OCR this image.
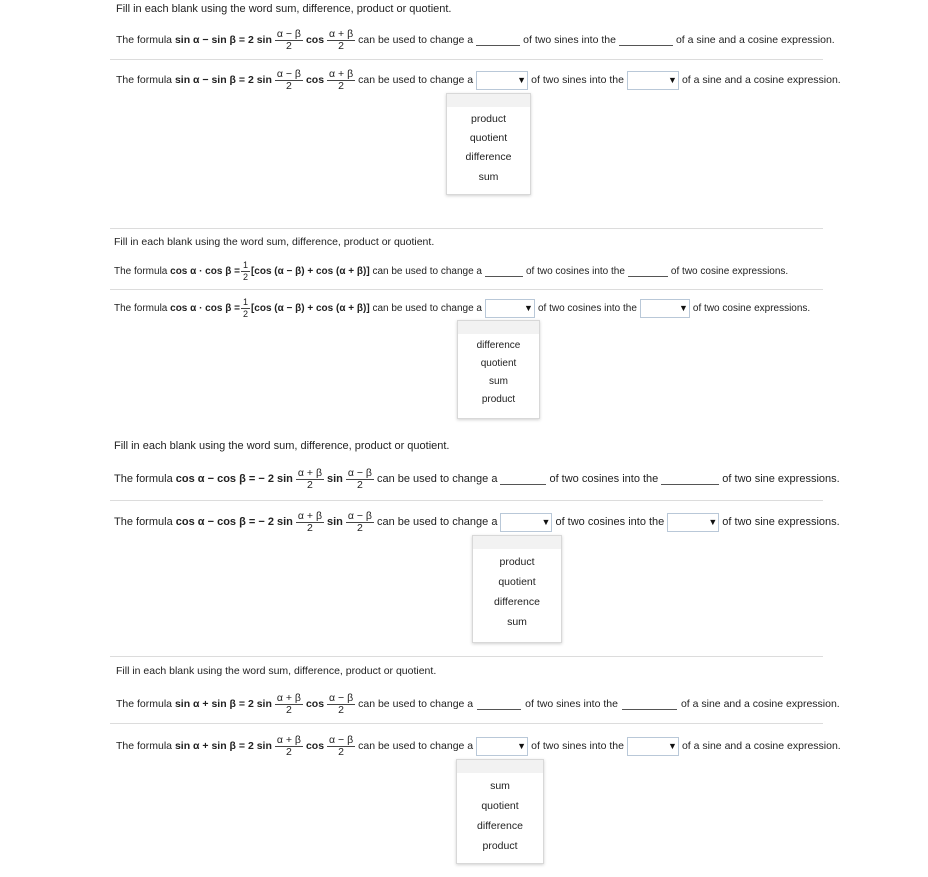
Fill in each blank using the word sum, difference, product or quotient.
The formula
sin α − sin β
= 2 $\sin \frac{\alpha - \beta}{2}$ $\cos \frac{\alpha + \beta}{2}$ can be used to change a	of two sines into the	of a sine and a cosine expression.
The formula
sin α − sin β
= 2 $\sin \frac{\alpha - \beta}{2}$ $\cos \frac{\alpha + \beta}{2}$ can be used to change a	▼ of two sines into the	▼ of a sine and a cosine expression.
product
quotient
difference
sum
Fill in each blank using the word sum, difference, product or quotient.
The formula
cos α · cos β
= $\frac{1}{2} [\cos$ (α − β) + cos (α + β)]
can be used to change a	of two cosines into the	of two cosine expressions.
The formula
cos α · cos β
= $\frac{1}{2} [\cos$ (α − β) + cos (α + β)]
can be used to change a	▼ of two cosines into the	▼ of two cosine expressions.
difference
quotient
sum
product
Fill in each blank using the word sum, difference, product or quotient.
The formula
cos α − cos β
= − 2 $\sin \frac{\alpha + \beta}{2}$ $\sin \frac{\alpha - \beta}{2}$ can be used to change a	of two cosines into the	of two sine expressions.
The formula
cos α − cos β
= − 2 $\sin \frac{\alpha + \beta}{2}$ $\sin \frac{\alpha - \beta}{2}$ can be used to change a	▼ of two cosines into the	▼ of two sine expressions.
product
quotient
difference
sum
Fill in each blank using the word sum, difference, product or quotient.
The formula
sin α + sin β
= 2 $\sin \frac{\alpha + \beta}{2}$ $\cos \frac{\alpha - \beta}{2}$ can be used to change a	of two sines into the	of a sine and a cosine expression.
The formula
sin α + sin β
= 2 $\sin \frac{\alpha + \beta}{2}$ $\cos \frac{\alpha - \beta}{2}$ can be used to change a	▼ of two sines into the	▼ of a sine and a cosine expression.
sum
quotient
difference
product
